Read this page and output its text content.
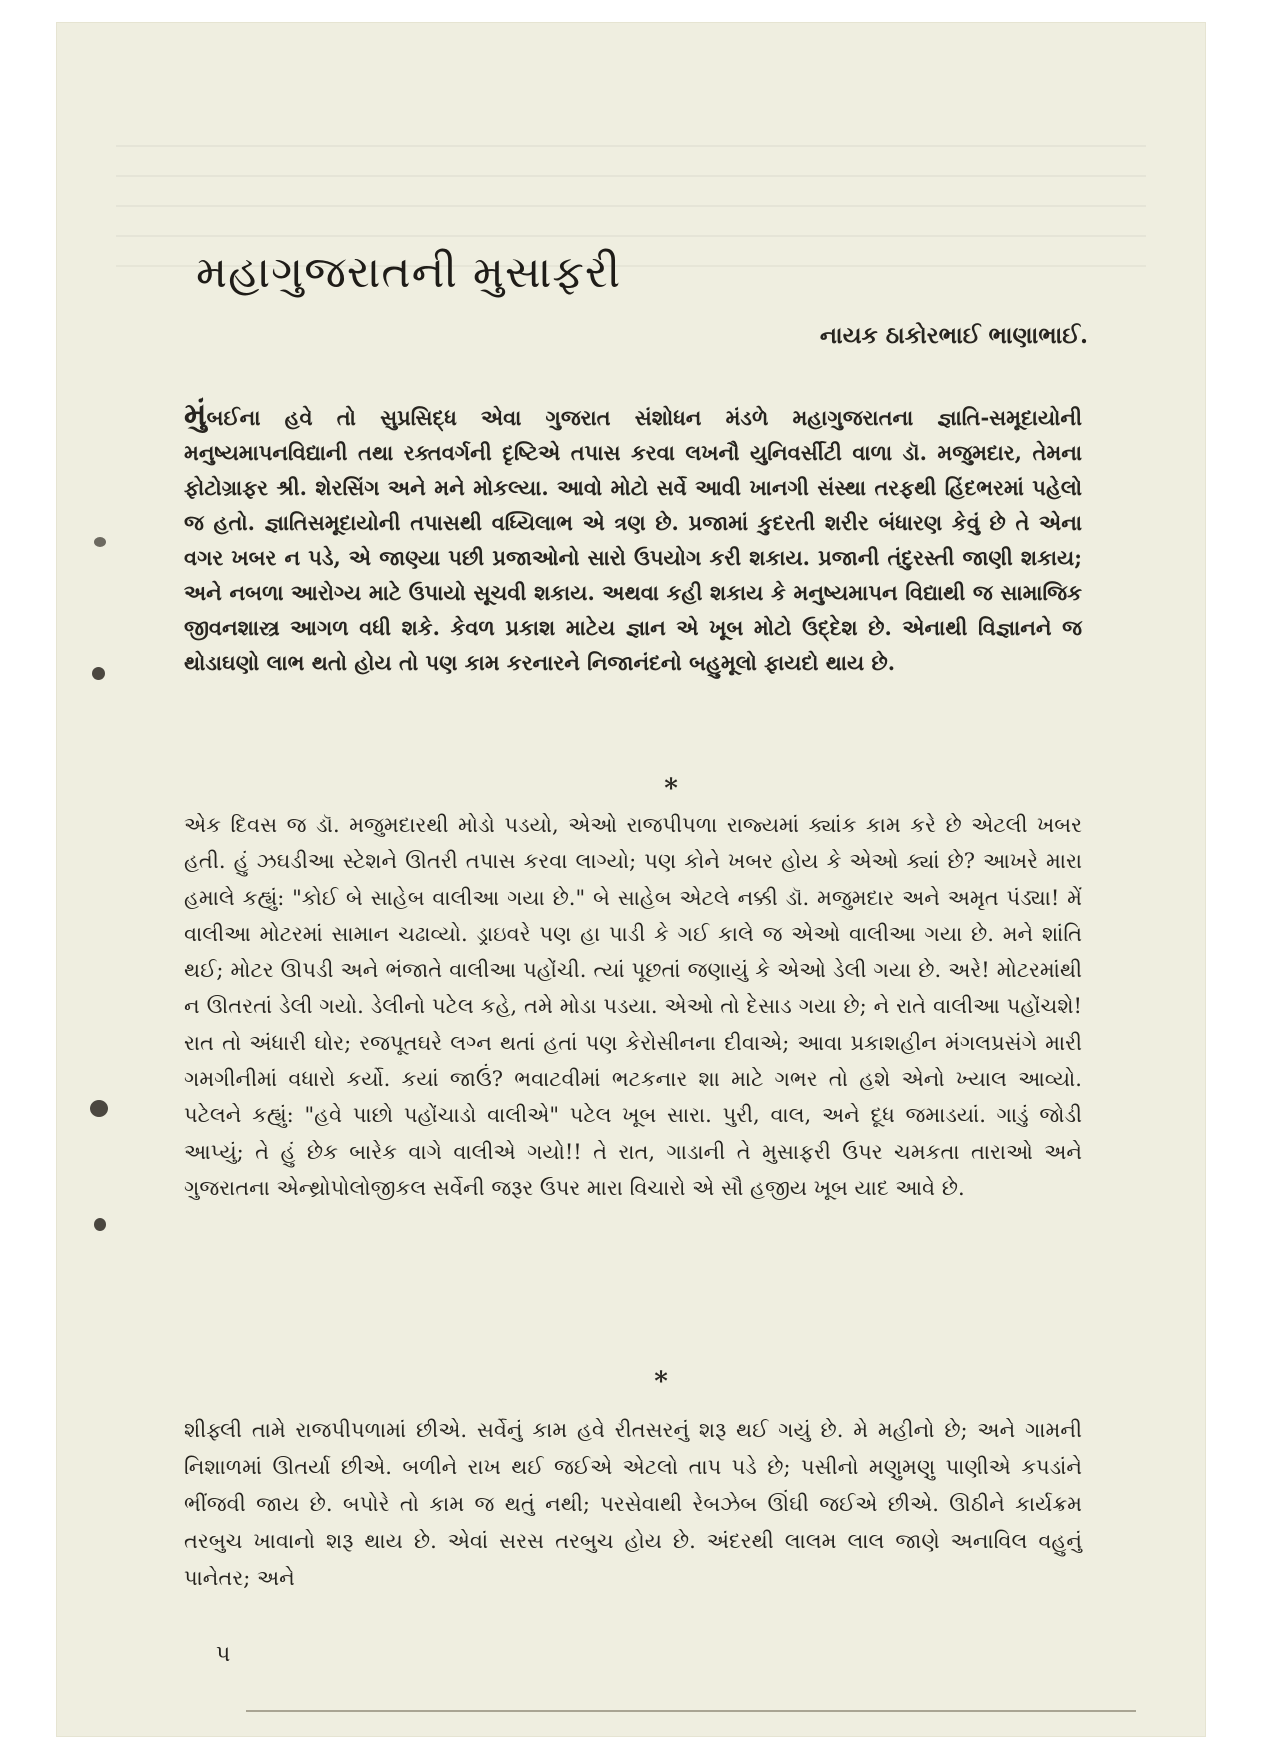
મહાગુજરાતની મુસાફરી
નાયક ઠાકોરભાઈ ભાણાભાઈ.

મુંબઈના હવે તો સુપ્રસિદ્ધ એવા ગુજરાત સંશોધન મંડળે મહાગુજરાતના જ્ઞાતિ-સમૂદાયોની મનુષ્યમાપનવિદ્યાની તથા રક્તવર્ગની દૃષ્ટિએ તપાસ કરવા લખનૌ યુનિવર્સીટી વાળા ડૉ. મજુમદાર, તેમના ફોટોગ્રાફર શ્રી. શેરસિંગ અને મને મોકલ્યા. આવો મોટો સર્વે આવી ખાનગી સંસ્થા તરફથી હિંદભરમાં પહેલો જ હતો. જ્ઞાતિસમૂદાયોની તપાસથી વધ્યિલાભ એ ત્રણ છે. પ્રજામાં કુદરતી શરીર બંધારણ કેવું છે તે એના વગર ખબર ન પડે, એ જાણ્યા પછી પ્રજાઓનો સારો ઉપયોગ કરી શકાય. પ્રજાની તંદુરસ્તી જાણી શકાય; અને નબળા આરોગ્ય માટે ઉપાયો સૂચવી શકાય. અથવા કહી શકાય કે મનુષ્યમાપન વિદ્યાથી જ સામાજિક જીવનશાસ્ત્ર આગળ વધી શકે. કેવળ પ્રકાશ માટેય જ્ઞાન એ ખૂબ મોટો ઉદ્દેશ છે. એનાથી વિજ્ઞાનને જ થોડાઘણો લાભ થતો હોય તો પણ કામ કરનારને નિજાનંદનો બહુમૂલો ફાયદો થાય છે.

*

એક દિવસ જ ડૉ. મજુમદારથી મોડો પડયો, એઓ રાજપીપળા રાજ્યમાં ક્યાંક કામ કરે છે એટલી ખબર હતી. હું ઝઘડીઆ સ્ટેશને ઊતરી તપાસ કરવા લાગ્યો; પણ કોને ખબર હોય કે એઓ ક્યાં છે? આખરે મારા હમાલે કહ્યું: "કોઈ બે સાહેબ વાલીઆ ગયા છે." બે સાહેબ એટલે નક્કી ડૉ. મજુમદાર અને અમૃત પંડ્યા! મેં વાલીઆ મોટરમાં સામાન ચઢાવ્યો. ડ્રાઇવરે પણ હા પાડી કે ગઈ કાલે જ એઓ વાલીઆ ગયા છે. મને શાંતિ થઈ; મોટર ઊપડી અને ભંજાતે વાલીઆ પહોંચી. ત્યાં પૂછતાં જણાયું કે એઓ ડેલી ગયા છે. અરે! મોટરમાંથી ન ઊતરતાં ડેલી ગયો. ડેલીનો પટેલ કહે, તમે મોડા પડયા. એઓ તો દેસાડ ગયા છે; ને રાતે વાલીઆ પહોંચશે! રાત તો અંધારી ઘોર; રજપૂતઘરે લગ્ન થતાં હતાં પણ કેરોસીનના દીવાએ; આવા પ્રકાશહીન મંગલપ્રસંગે મારી ગમગીનીમાં વધારો કર્યો. કયાં જાઉં? ભવાટવીમાં ભટકનાર શા માટે ગભર તો હશે એનો ખ્યાલ આવ્યો. પટેલને કહ્યું: "હવે પાછો પહોંચાડો વાલીએ" પટેલ ખૂબ સારા. પુરી, વાલ, અને દૂધ જમાડયાં. ગાડું જોડી આપ્યું; તે હું છેક બારેક વાગે વાલીએ ગયો!! તે રાત, ગાડાની તે મુસાફરી ઉપર ચમકતા તારાઓ અને ગુજરાતના એન્થ્રોપોલોજીકલ સર્વેની જરૂર ઉપર મારા વિચારો એ સૌ હજીય ખૂબ યાદ આવે છે.

*

શીફ્લી તામે રાજપીપળામાં છીએ. સર્વેનું કામ હવે રીતસરનું શરૂ થઈ ગયું છે. મે મહીનો છે; અને ગામની નિશાળમાં ઊતર્યા છીએ. બળીને રાખ થઈ જઈએ એટલો તાપ પડે છે; પસીનો મણુમણુ પાણીએ કપડાંને ભીંજવી જાય છે. બપોરે તો કામ જ થતું નથી; પરસેવાથી રેબઝેબ ઊંઘી જઈએ છીએ. ઊઠીને કાર્યક્રમ તરબુચ ખાવાનો શરૂ થાય છે. એવાં સરસ તરબુચ હોય છે. અંદરથી લાલમ લાલ જાણે અનાવિલ વહુનું પાનેતર; અને

પ
